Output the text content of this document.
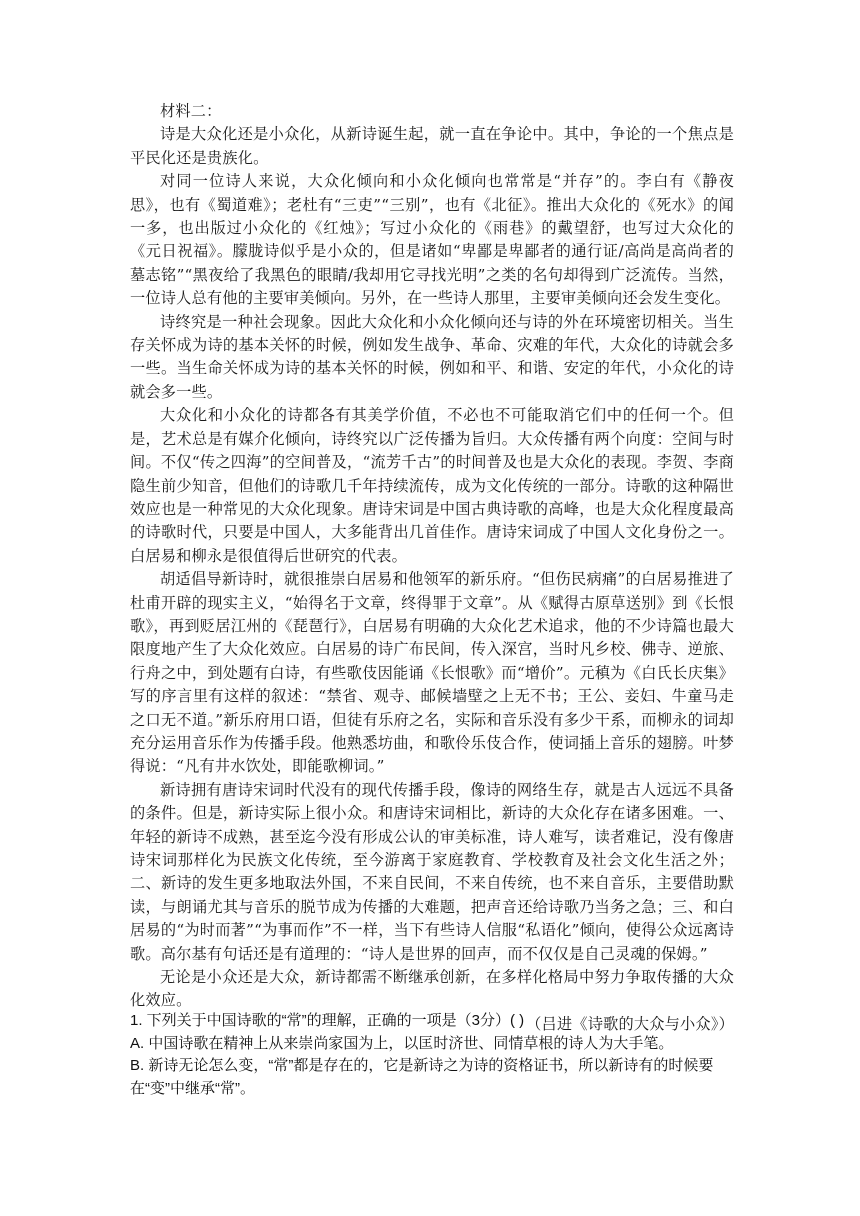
材料二：

诗是大众化还是小众化，从新诗诞生起，就一直在争论中。其中，争论的一个焦点是平民化还是贵族化。

对同一位诗人来说，大众化倾向和小众化倾向也常常是“并存”的。李白有《静夜思》，也有《蜀道难》；老杜有“三吏”“三别”，也有《北征》。推出大众化的《死水》的闻一多，也出版过小众化的《红烛》；写过小众化的《雨巷》的戴望舒，也写过大众化的《元日祝福》。朦胧诗似乎是小众的，但是诸如“卑鄙是卑鄙者的通行证/高尚是高尚者的墓志铭”“黑夜给了我黑色的眼睛/我却用它寻找光明”之类的名句却得到广泛流传。当然，一位诗人总有他的主要审美倾向。另外，在一些诗人那里，主要审美倾向还会发生变化。

诗终究是一种社会现象。因此大众化和小众化倾向还与诗的外在环境密切相关。当生存关怀成为诗的基本关怀的时候，例如发生战争、革命、灾难的年代，大众化的诗就会多一些。当生命关怀成为诗的基本关怀的时候，例如和平、和谐、安定的年代，小众化的诗就会多一些。

大众化和小众化的诗都各有其美学价值，不必也不可能取消它们中的任何一个。但是，艺术总是有媒介化倾向，诗终究以广泛传播为旨归。大众传播有两个向度：空间与时间。不仅“传之四海”的空间普及，“流芳千古”的时间普及也是大众化的表现。李贺、李商隐生前少知音，但他们的诗歌几千年持续流传，成为文化传统的一部分。诗歌的这种隔世效应也是一种常见的大众化现象。唐诗宋词是中国古典诗歌的高峰，也是大众化程度最高的诗歌时代，只要是中国人，大多能背出几首佳作。唐诗宋词成了中国人文化身份之一。白居易和柳永是很值得后世研究的代表。

胡适倡导新诗时，就很推崇白居易和他领军的新乐府。“但伤民病痛”的白居易推进了杜甫开辟的现实主义，“始得名于文章，终得罪于文章”。从《赋得古原草送别》到《长恨歌》，再到贬居江州的《琵琶行》，白居易有明确的大众化艺术追求，他的不少诗篇也最大限度地产生了大众化效应。白居易的诗广布民间，传入深宫，当时凡乡校、佛寺、逆旅、行舟之中，到处题有白诗，有些歌伎因能诵《长恨歌》而“增价”。元稹为《白氏长庆集》写的序言里有这样的叙述：“禁省、观寺、邮候墙壁之上无不书；王公、妾妇、牛童马走之口无不道。”新乐府用口语，但徒有乐府之名，实际和音乐没有多少干系，而柳永的词却充分运用音乐作为传播手段。他熟悉坊曲，和歌伶乐伎合作，使词插上音乐的翅膀。叶梦得说：“凡有井水饮处，即能歌柳词。”

新诗拥有唐诗宋词时代没有的现代传播手段，像诗的网络生存，就是古人远远不具备的条件。但是，新诗实际上很小众。和唐诗宋词相比，新诗的大众化存在诸多困难。一、年轻的新诗不成熟，甚至迄今没有形成公认的审美标准，诗人难写，读者难记，没有像唐诗宋词那样化为民族文化传统，至今游离于家庭教育、学校教育及社会文化生活之外；二、新诗的发生更多地取法外国，不来自民间，不来自传统，也不来自音乐，主要借助默读，与朗诵尤其与音乐的脱节成为传播的大难题，把声音还给诗歌乃当务之急；三、和白居易的“为时而著”“为事而作”不一样，当下有些诗人信服“私语化”倾向，使得公众远离诗歌。高尔基有句话还是有道理的：“诗人是世界的回声，而不仅仅是自己灵魂的保姆。”

无论是小众还是大众，新诗都需不断继承创新，在多样化格局中努力争取传播的大众化效应。

（吕进《诗歌的大众与小众》）

1. 下列关于中国诗歌的“常”的理解，正确的一项是（3分）( )

A. 中国诗歌在精神上从来崇尚家国为上，以匡时济世、同情草根的诗人为大手笔。

B. 新诗无论怎么变，“常”都是存在的，它是新诗之为诗的资格证书，所以新诗有的时候要

在“变”中继承“常”。
